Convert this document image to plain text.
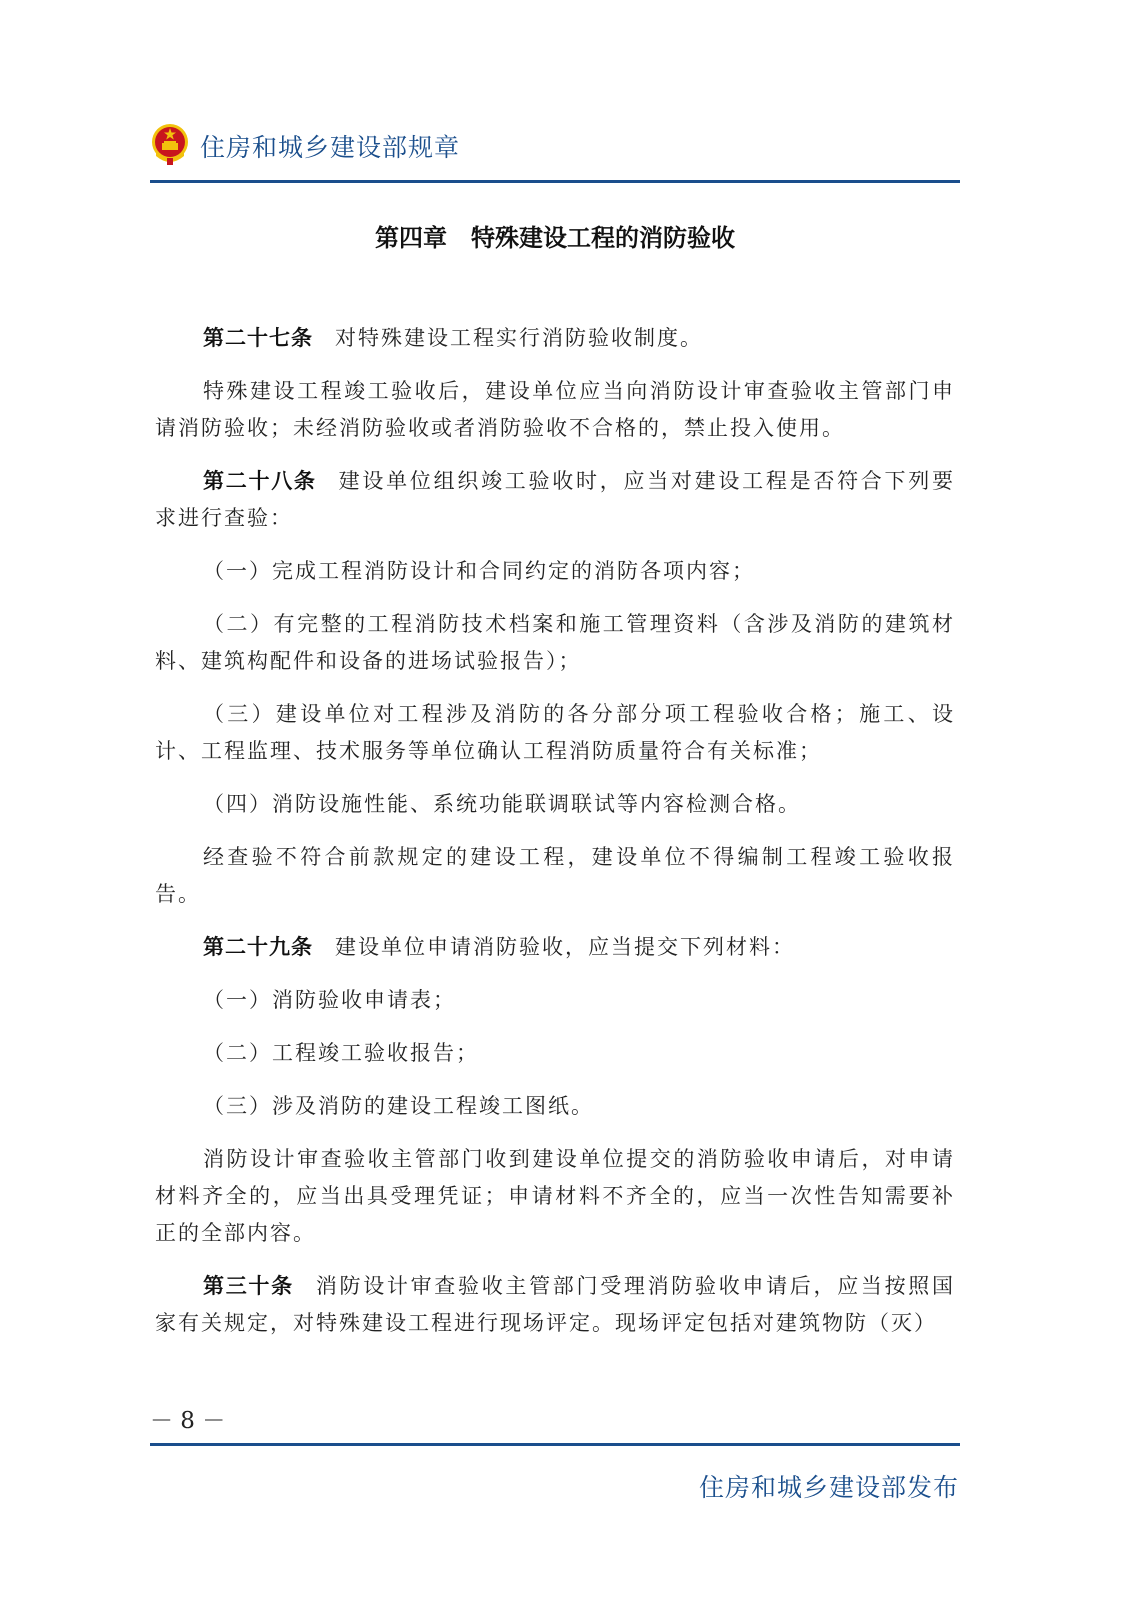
住房和城乡建设部规章
第四章　特殊建设工程的消防验收

第二十七条 对特殊建设工程实行消防验收制度。

特殊建设工程竣工验收后，建设单位应当向消防设计审查验收主管部门申请消防验收；未经消防验收或者消防验收不合格的，禁止投入使用。

第二十八条 建设单位组织竣工验收时，应当对建设工程是否符合下列要求进行查验：

（一）完成工程消防设计和合同约定的消防各项内容；

（二）有完整的工程消防技术档案和施工管理资料（含涉及消防的建筑材料、建筑构配件和设备的进场试验报告）；

（三）建设单位对工程涉及消防的各分部分项工程验收合格；施工、设计、工程监理、技术服务等单位确认工程消防质量符合有关标准；

（四）消防设施性能、系统功能联调联试等内容检测合格。

经查验不符合前款规定的建设工程，建设单位不得编制工程竣工验收报告。

第二十九条 建设单位申请消防验收，应当提交下列材料：

（一）消防验收申请表；

（二）工程竣工验收报告；

（三）涉及消防的建设工程竣工图纸。

消防设计审查验收主管部门收到建设单位提交的消防验收申请后，对申请材料齐全的，应当出具受理凭证；申请材料不齐全的，应当一次性告知需要补正的全部内容。

第三十条 消防设计审查验收主管部门受理消防验收申请后，应当按照国家有关规定，对特殊建设工程进行现场评定。现场评定包括对建筑物防（灭）

－ 8 －
住房和城乡建设部发布
